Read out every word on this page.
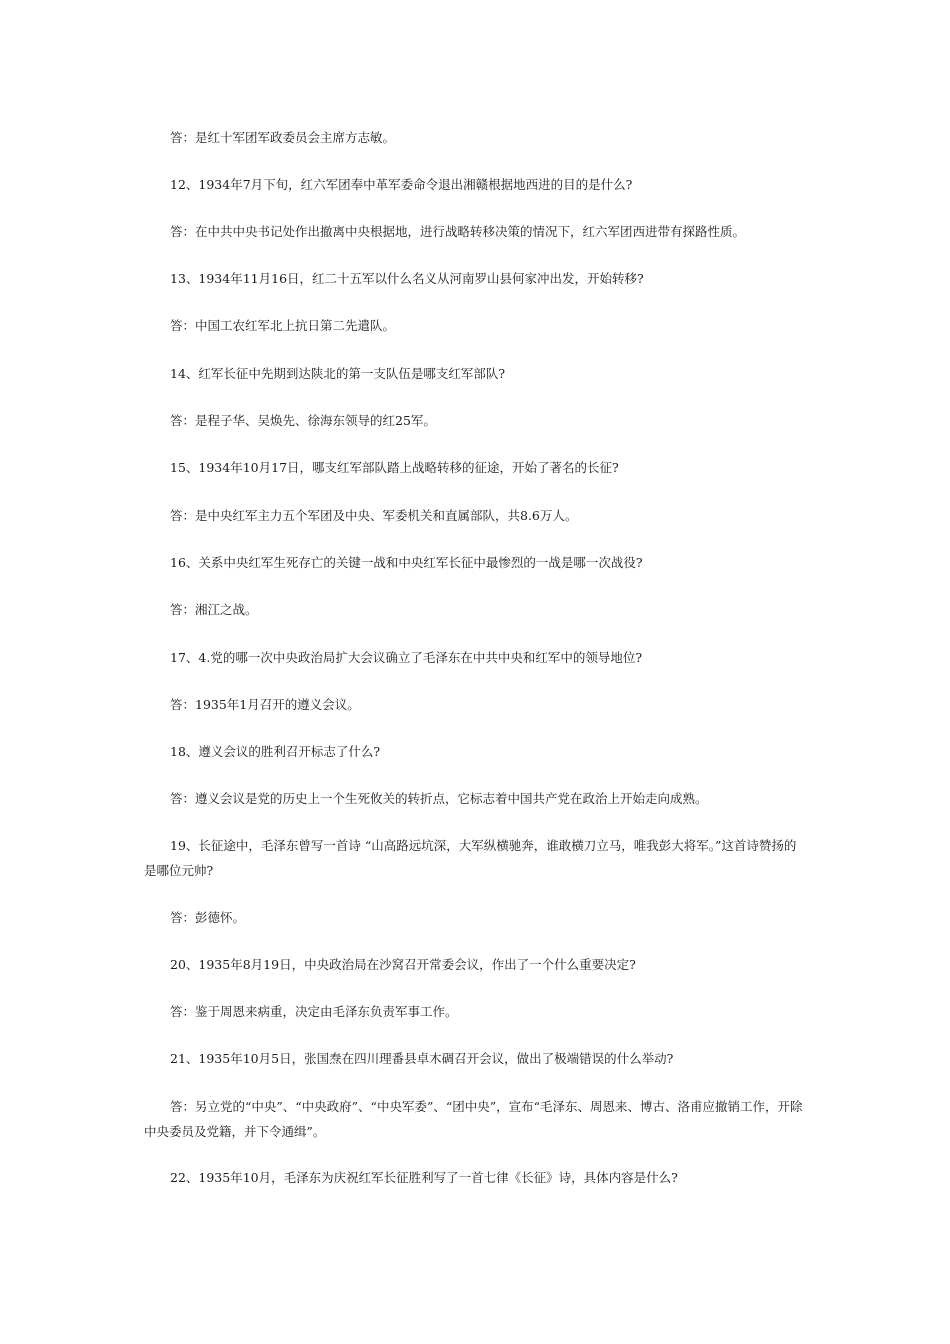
答：是红十军团军政委员会主席方志敏。

12、1934年7月下旬，红六军团奉中革军委命令退出湘赣根据地西进的目的是什么?

答：在中共中央书记处作出撤离中央根据地，进行战略转移决策的情况下，红六军团西进带有探路性质。

13、1934年11月16日，红二十五军以什么名义从河南罗山县何家冲出发，开始转移?

答：中国工农红军北上抗日第二先遣队。

14、红军长征中先期到达陕北的第一支队伍是哪支红军部队?

答：是程子华、吴焕先、徐海东领导的红25军。

15、1934年10月17日，哪支红军部队踏上战略转移的征途，开始了著名的长征?

答：是中央红军主力五个军团及中央、军委机关和直属部队，共8.6万人。

16、关系中央红军生死存亡的关键一战和中央红军长征中最惨烈的一战是哪一次战役?

答：湘江之战。

17、4.党的哪一次中央政治局扩大会议确立了毛泽东在中共中央和红军中的领导地位?

答：1935年1月召开的遵义会议。

18、遵义会议的胜利召开标志了什么?

答：遵义会议是党的历史上一个生死攸关的转折点，它标志着中国共产党在政治上开始走向成熟。

19、长征途中，毛泽东曾写一首诗 “山高路远坑深，大军纵横驰奔，谁敢横刀立马，唯我彭大将军。”这首诗赞扬的是哪位元帅?

答：彭德怀。

20、1935年8月19日，中央政治局在沙窝召开常委会议，作出了一个什么重要决定?

答：鉴于周恩来病重，决定由毛泽东负责军事工作。

21、1935年10月5日，张国焘在四川理番县卓木碉召开会议，做出了极端错误的什么举动?

答：另立党的“中央”、“中央政府”、“中央军委”、“团中央”，宣布“毛泽东、周恩来、博古、洛甫应撤销工作，开除中央委员及党籍，并下令通缉”。

22、1935年10月，毛泽东为庆祝红军长征胜利写了一首七律《长征》诗，具体内容是什么?
